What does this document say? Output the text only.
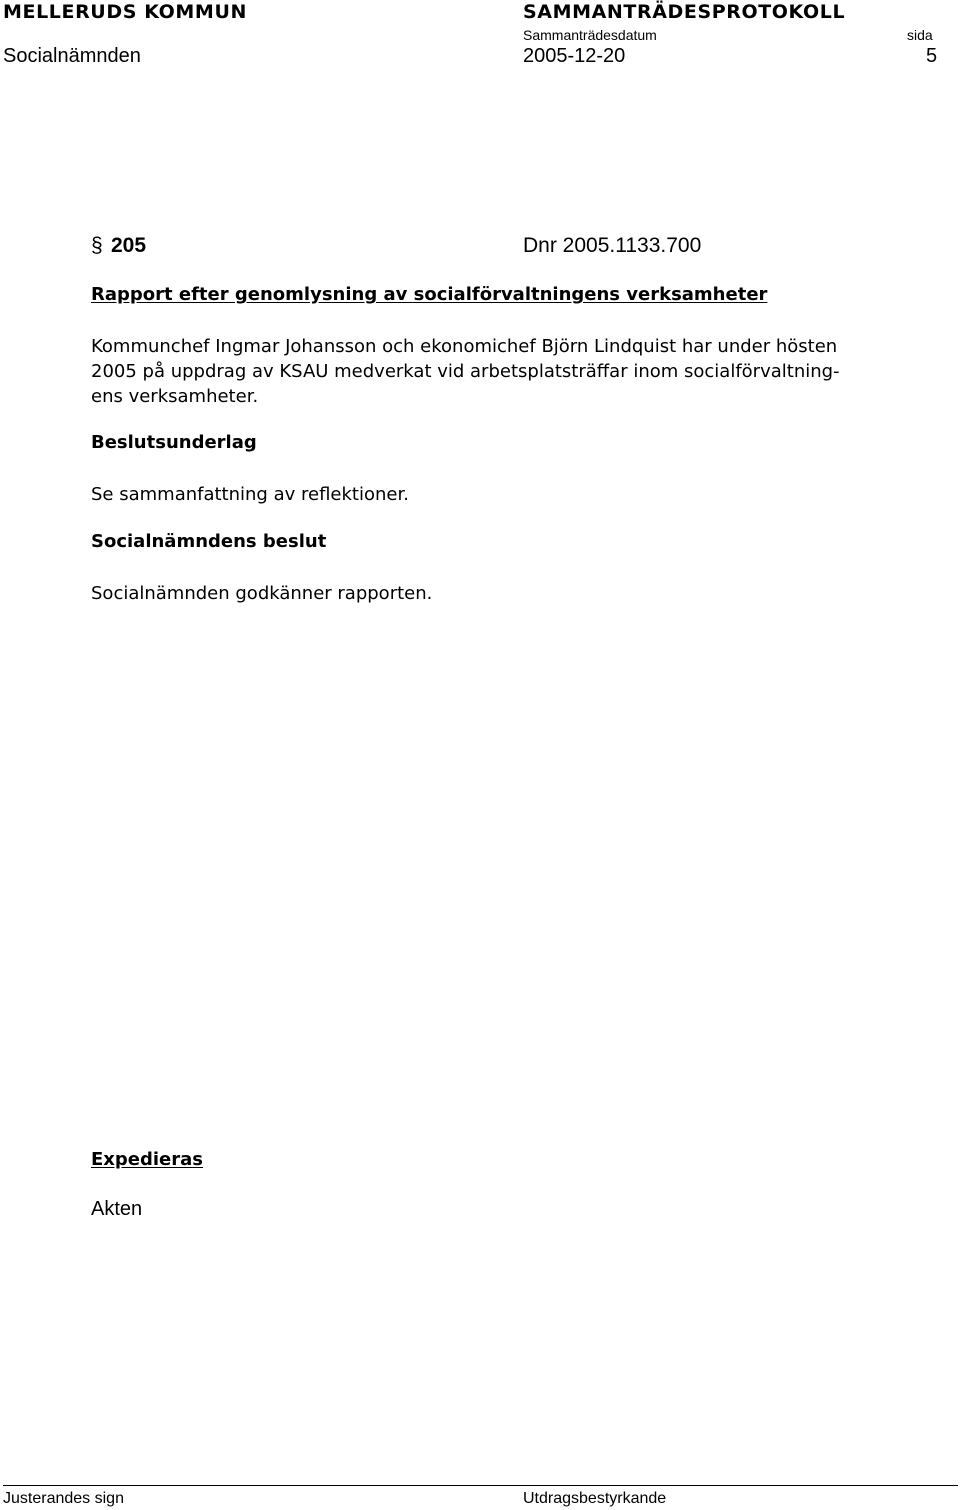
MELLERUDS KOMMUN	SAMMANTRÄDESPROTOKOLL
Sammanträdesdatum	sida
Socialnämnden	2005-12-20	5
§ 205	Dnr 2005.1133.700
Rapport efter genomlysning av socialförvaltningens verksamheter
Kommunchef Ingmar Johansson och ekonomichef Björn Lindquist har under hösten
2005 på uppdrag av KSAU medverkat vid arbetsplatsträffar inom socialförvaltning-
ens verksamheter.
Beslutsunderlag
Se sammanfattning av reflektioner.
Socialnämndens beslut
Socialnämnden godkänner rapporten.
Expedieras
Akten
Justerandes sign	Utdragsbestyrkande
